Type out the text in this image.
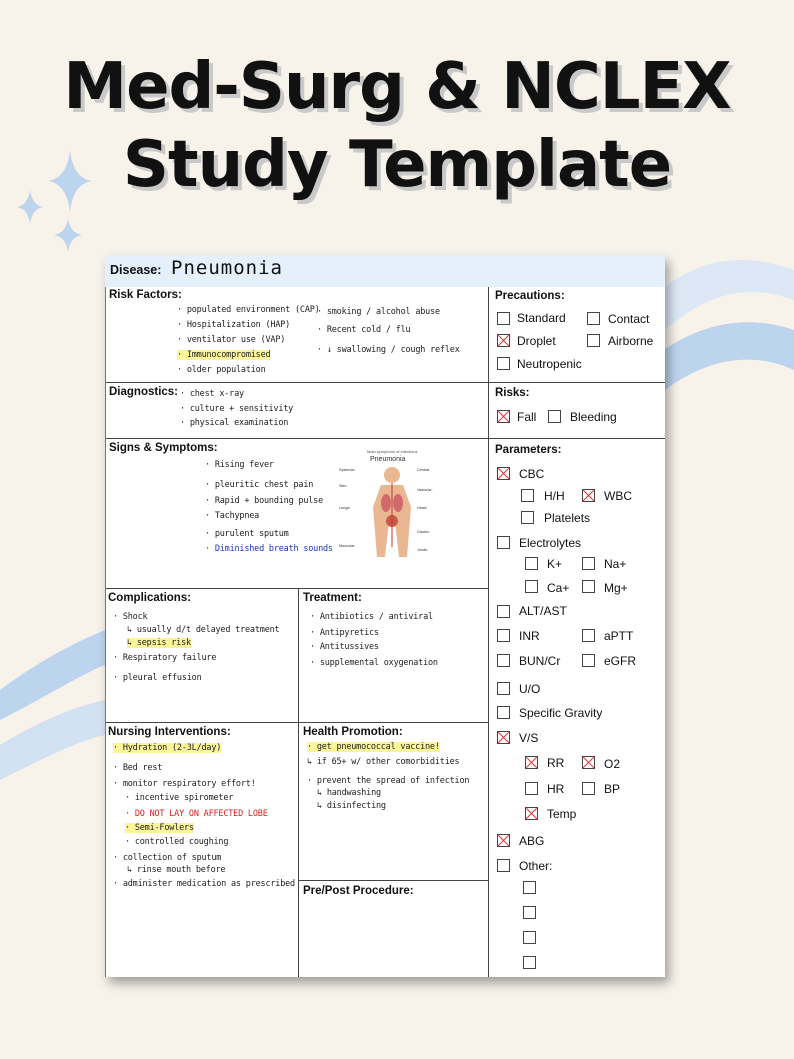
Med-Surg & NCLEX
Study Template
Disease: Pneumonia
Risk Factors:
· populated environment (CAP)
· Hospitalization (HAP)
· ventilator use (VAP)
· Immunocompromised
· older population
· smoking / alcohol abuse
· Recent cold / flu
· ↓ swallowing / cough reflex
Diagnostics: · chest x-ray
· culture + sensitivity
· physical examination
Signs & Symptoms:
· Rising fever
· pleuritic chest pain
· Rapid + bounding pulse
· Tachypnea
· purulent sputum
· Diminished breath sounds
Main symptoms of infectious
Pneumonia
Systemic:	Central:
Skin:
Vascular:
Lungs:	Heart:
Gastric:
Muscular:
Joints:
Complications:
· Shock
↳ usually d/t delayed treatment
↳ sepsis risk
· Respiratory failure
· pleural effusion
Treatment:
· Antibiotics / antiviral
· Antipyretics
· Antitussives
· supplemental oxygenation
Nursing Interventions:
· Hydration (2-3L/day)
· Bed rest
· monitor respiratory effort!
· incentive spirometer
· DO NOT LAY ON AFFECTED LOBE
· Semi-Fowlers
· controlled coughing
· collection of sputum
↳ rinse mouth before
· administer medication as prescribed
Health Promotion:
· get pneumococcal vaccine!
↳ if 65+ w/ other comorbidities
· prevent the spread of infection
↳ handwashing
↳ disinfecting
Pre/Post Procedure:
Precautions:
Standard	Contact
Droplet	Airborne
Neutropenic
Risks:
Fall	Bleeding
Parameters:
CBC
H/H	WBC
Platelets
Electrolytes
K+	Na+
Ca+	Mg+
ALT/AST
INR	aPTT
BUN/Cr	eGFR
U/O
Specific Gravity
V/S
RR	O2
HR	BP
Temp
ABG
Other:
